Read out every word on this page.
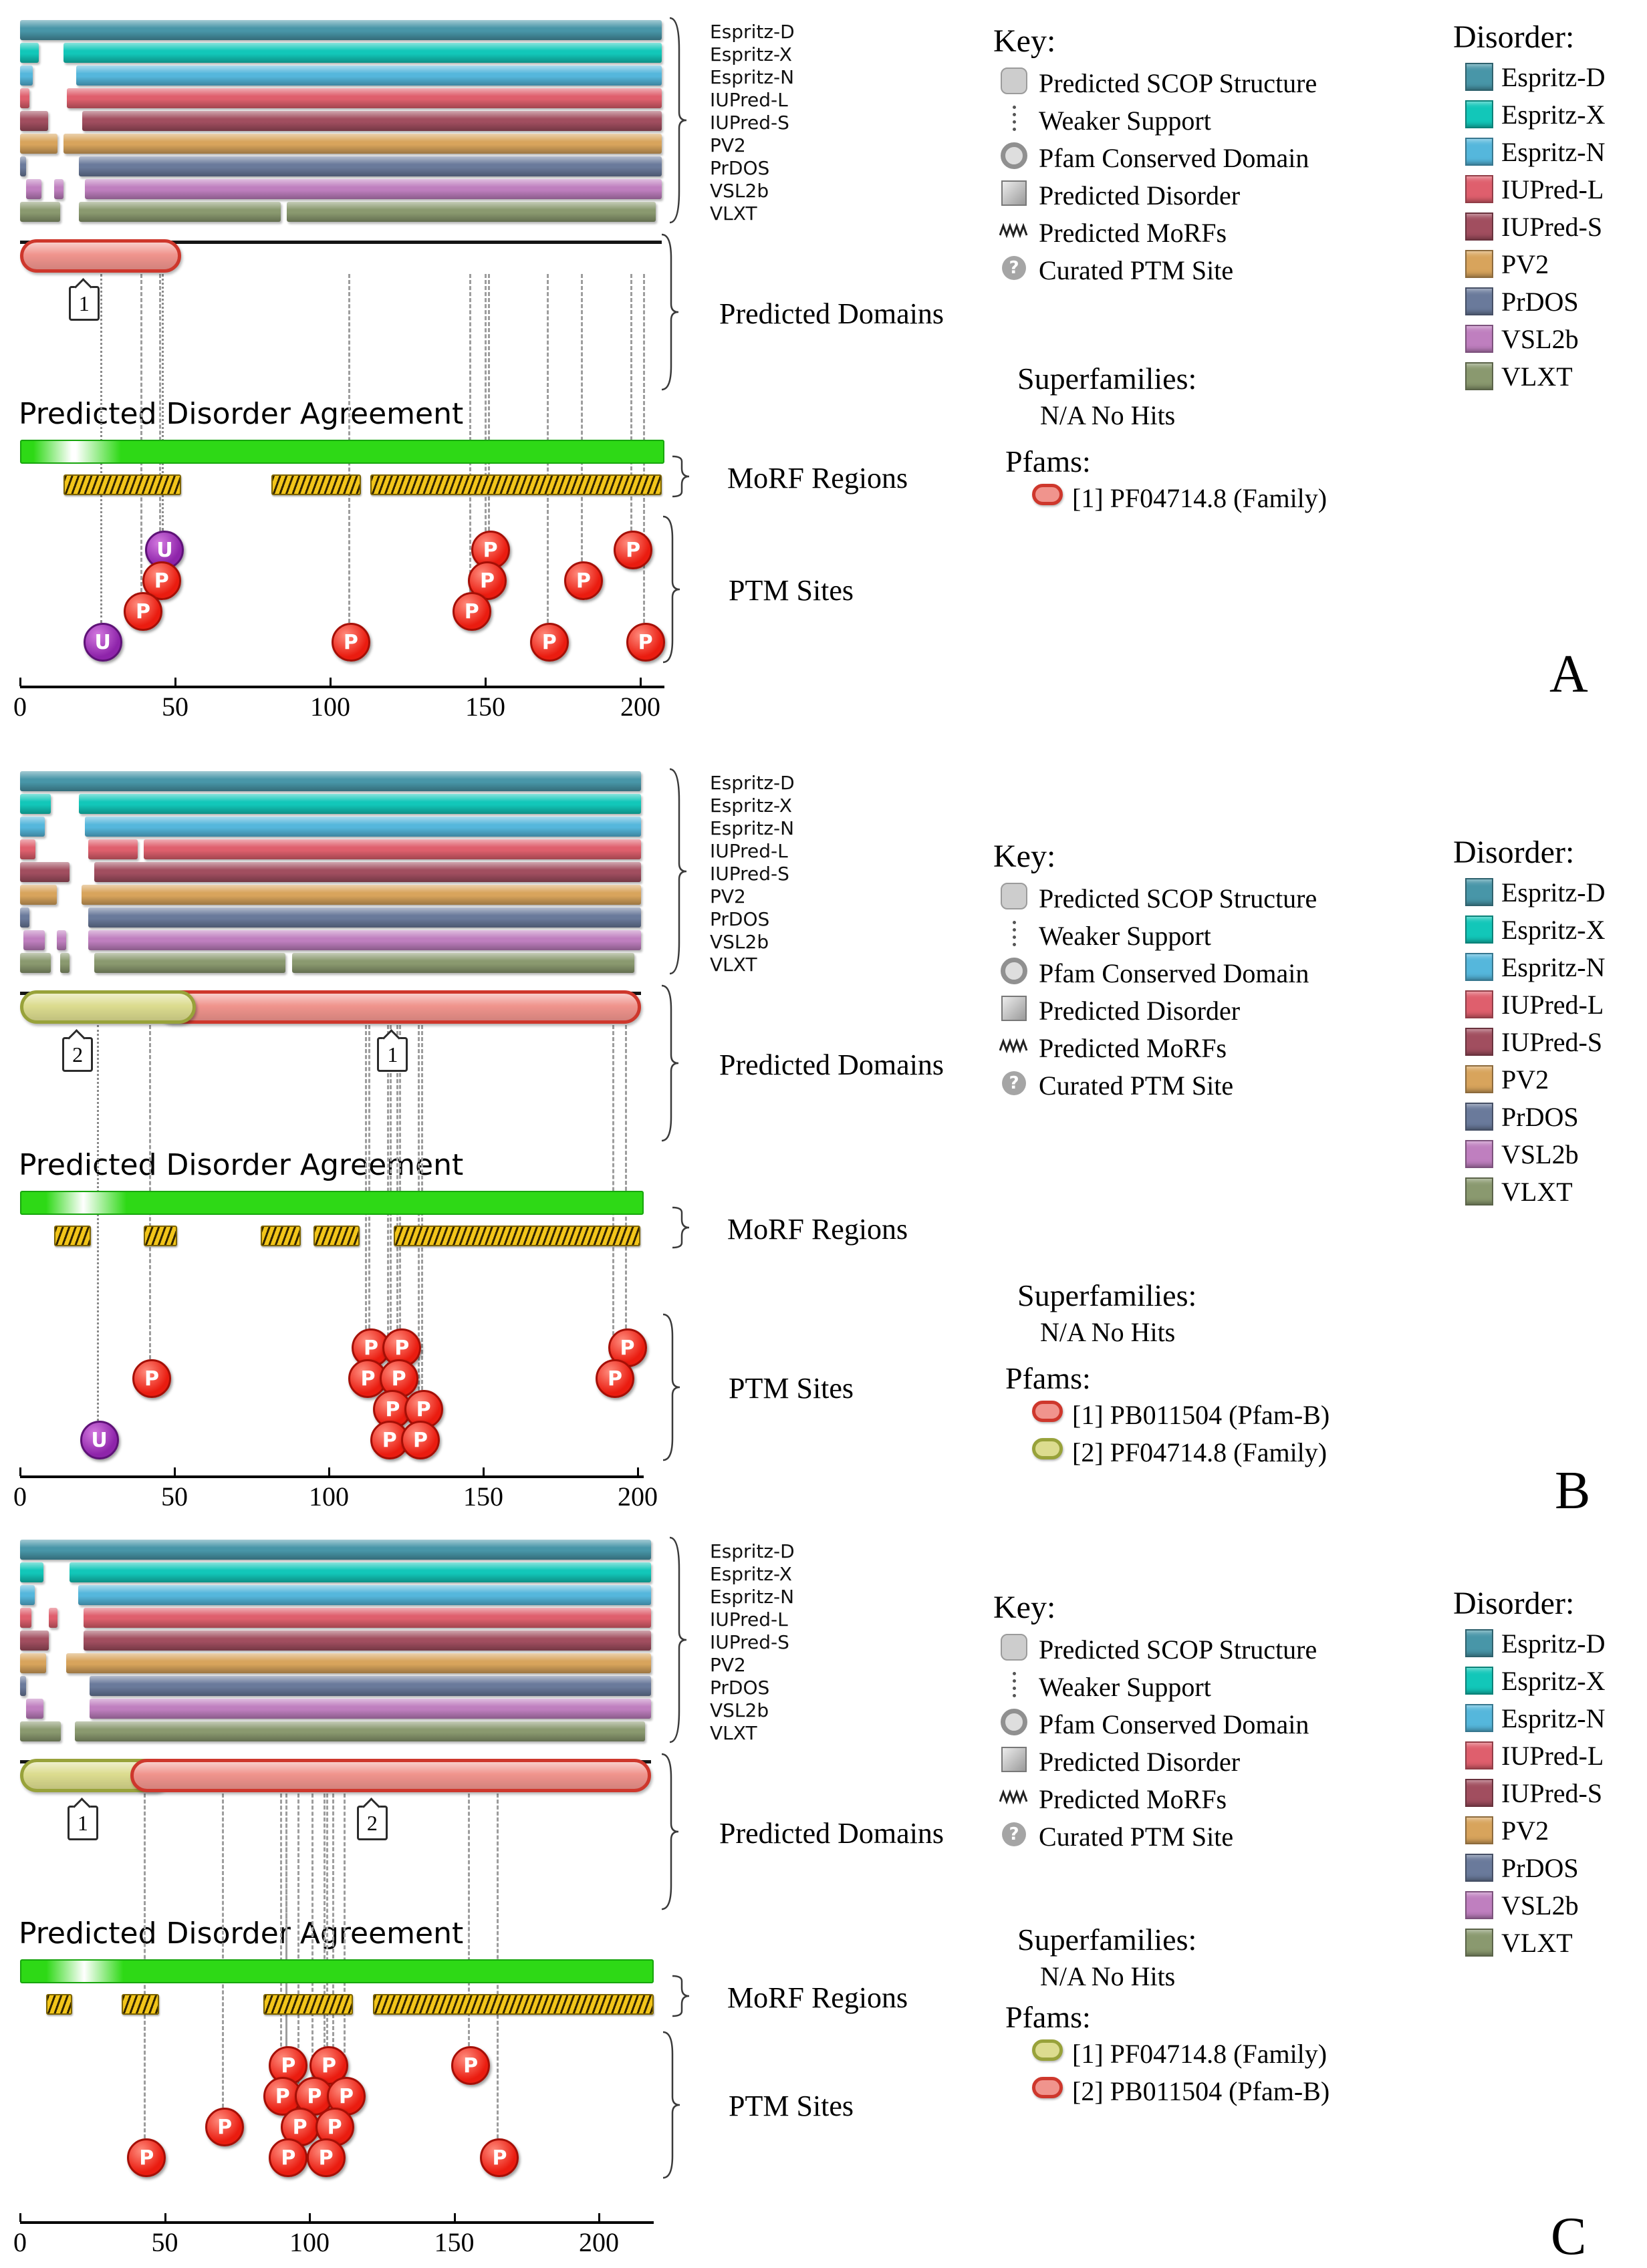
Espritz-D
Espritz-X
Espritz-N
IUPred-L
IUPred-S
PV2
PrDOS
VSL2b
VLXT
1	Predicted Domains
Predicted Disorder Agreement
MoRF Regions
U
P
P
U	P
P
P
P
P
P
P
P
PTM Sites
0	50	100	150	200
A
Key:
Predicted SCOP Structure
Weaker Support
Pfam Conserved Domain
Predicted Disorder
Predicted MoRFs
? Curated PTM Site
Superfamilies:
N/A No Hits
Pfams:
[1] PF04714.8 (Family)
Disorder:
Espritz-D
Espritz-X
Espritz-N
IUPred-L
IUPred-S
PV2
PrDOS
VSL2b
VLXT
Espritz-D
Espritz-X
Espritz-N
IUPred-L
IUPred-S
PV2
PrDOS
VSL2b
VLXT
1
2	Predicted Domains
Predicted Disorder Agreement
MoRF Regions
U
P
P P
P P
P P
P P
P
P	PTM Sites
0	50	100	150	200	B
Key:
Predicted SCOP Structure
Weaker Support
Pfam Conserved Domain
Predicted Disorder
Predicted MoRFs
? Curated PTM Site
Superfamilies:
N/A No Hits
Pfams:
[1] PB011504 (Pfam-B)
[2] PF04714.8 (Family)
Disorder:
Espritz-D
Espritz-X
Espritz-N
IUPred-L
IUPred-S
PV2
PrDOS
VSL2b
VLXT
Espritz-D
Espritz-X
Espritz-N
IUPred-L
IUPred-S
PV2
PrDOS
VSL2b
VLXT
1	2	Predicted Domains
Predicted Disorder Agreement
MoRF Regions
P	P	P
P P P
P	P P
P	P	P	P
PTM Sites
0	50	100	150	200	C
Key:
Predicted SCOP Structure
Weaker Support
Pfam Conserved Domain
Predicted Disorder
Predicted MoRFs
? Curated PTM Site
Superfamilies:
N/A No Hits
Pfams:
[1] PF04714.8 (Family)
[2] PB011504 (Pfam-B)
Disorder:
Espritz-D
Espritz-X
Espritz-N
IUPred-L
IUPred-S
PV2
PrDOS
VSL2b
VLXT
